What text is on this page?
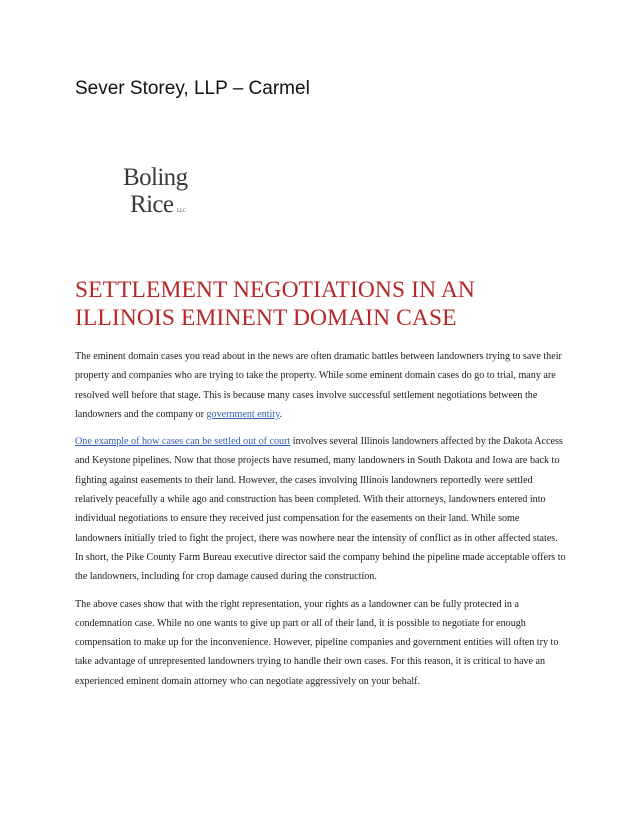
Sever Storey, LLP – Carmel
Boling
Rice LLC
SETTLEMENT NEGOTIATIONS IN AN ILLINOIS EMINENT DOMAIN CASE

The eminent domain cases you read about in the news are often dramatic battles between landowners trying to save their property and companies who are trying to take the property. While some eminent domain cases do go to trial, many are resolved well before that stage. This is because many cases involve successful settlement negotiations between the landowners and the company or government entity.

One example of how cases can be settled out of court involves several Illinois landowners affected by the Dakota Access and Keystone pipelines. Now that those projects have resumed, many landowners in South Dakota and Iowa are back to fighting against easements to their land. However, the cases involving Illinois landowners reportedly were settled relatively peacefully a while ago and construction has been completed. With their attorneys, landowners entered into individual negotiations to ensure they received just compensation for the easements on their land. While some landowners initially tried to fight the project, there was nowhere near the intensity of conflict as in other affected states. In short, the Pike County Farm Bureau executive director said the company behind the pipeline made acceptable offers to the landowners, including for crop damage caused during the construction.

The above cases show that with the right representation, your rights as a landowner can be fully protected in a condemnation case. While no one wants to give up part or all of their land, it is possible to negotiate for enough compensation to make up for the inconvenience. However, pipeline companies and government entities will often try to take advantage of unrepresented landowners trying to handle their own cases. For this reason, it is critical to have an experienced eminent domain attorney who can negotiate aggressively on your behalf.
